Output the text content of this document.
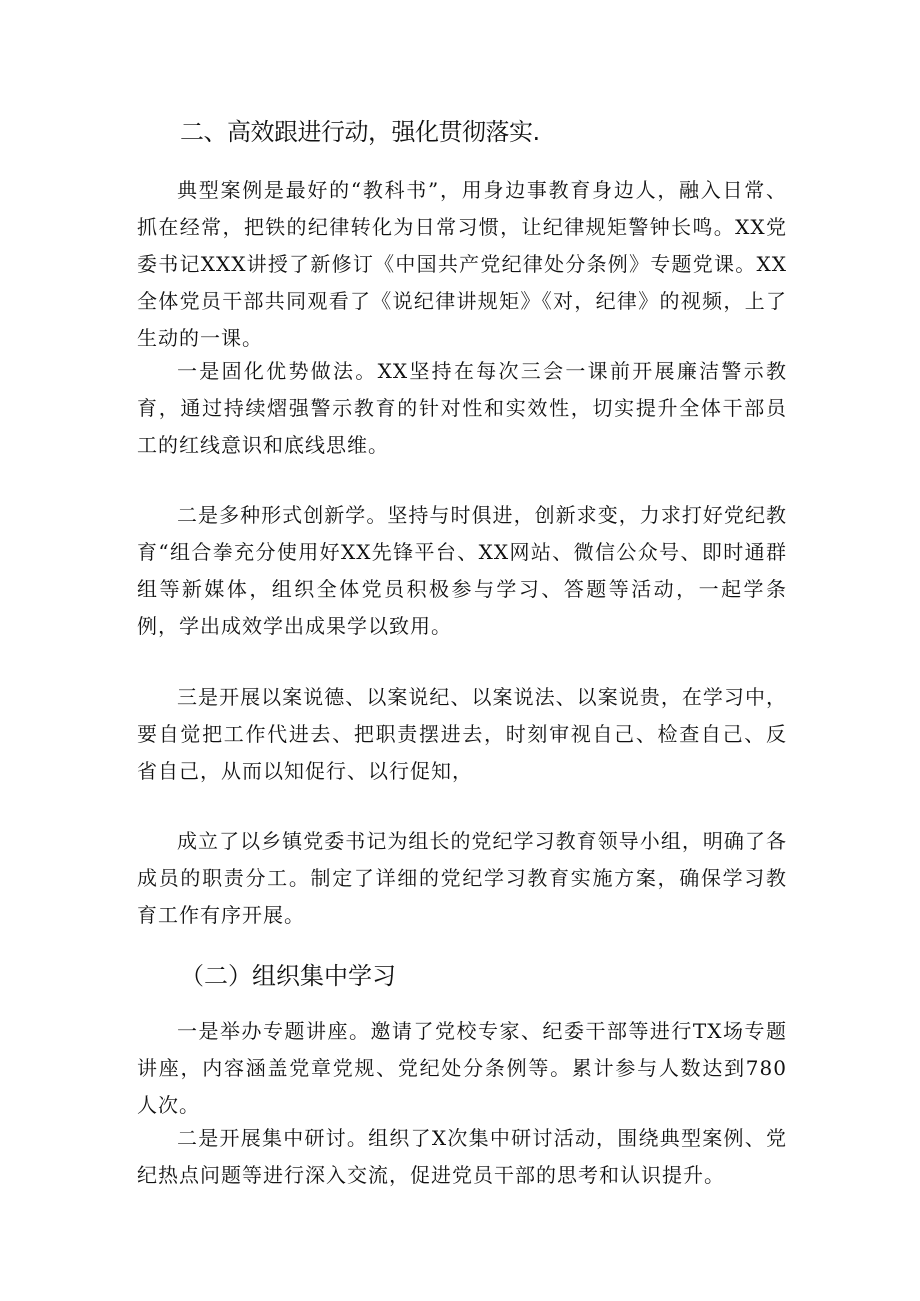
二、高效跟进行动，强化贯彻落实.

典型案例是最好的“教科书”，用身边事教育身边人，融入日常、抓在经常，把铁的纪律转化为日常习惯，让纪律规矩警钟长鸣。XX党委书记XXX讲授了新修订《中国共产党纪律处分条例》专题党课。XX全体党员干部共同观看了《说纪律讲规矩》《对，纪律》的视频，上了生动的一课。

一是固化优势做法。XX坚持在每次三会一课前开展廉洁警示教育，通过持续熠强警示教育的针对性和实效性，切实提升全体干部员工的红线意识和底线思维。

二是多种形式创新学。坚持与时俱进，创新求变，力求打好党纪教育“组合拳充分使用好XX先锋平台、XX网站、微信公众号、即时通群组等新媒体，组织全体党员积极参与学习、答题等活动，一起学条例，学出成效学出成果学以致用。

三是开展以案说德、以案说纪、以案说法、以案说贵，在学习中，要自觉把工作代进去、把职责摆进去，时刻审视自己、检查自己、反省自己，从而以知促行、以行促知，

成立了以乡镇党委书记为组长的党纪学习教育领导小组，明确了各成员的职责分工。制定了详细的党纪学习教育实施方案，确保学习教育工作有序开展。

（二）组织集中学习

一是举办专题讲座。邀请了党校专家、纪委干部等进行TX场专题讲座，内容涵盖党章党规、党纪处分条例等。累计参与人数达到780人次。

二是开展集中研讨。组织了X次集中研讨活动，围绕典型案例、党纪热点问题等进行深入交流，促进党员干部的思考和认识提升。
